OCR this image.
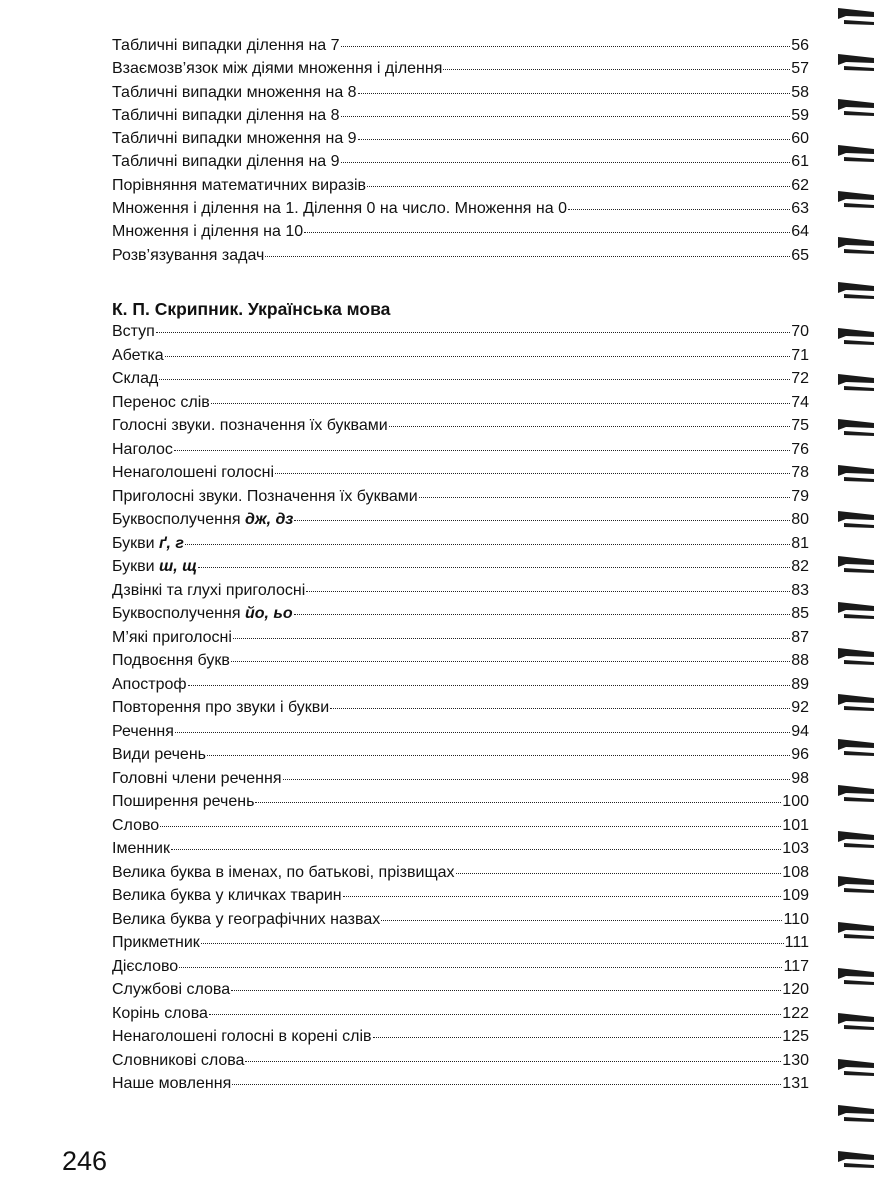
Табличні випадки ділення на 7	56
Взаємозв’язок між діями множення і ділення	57
Табличні випадки множення на 8	58
Табличні випадки ділення на 8	59
Табличні випадки множення на 9	60
Табличні випадки ділення на 9	61
Порівняння математичних виразів	62
Множення і ділення на 1. Ділення 0 на число. Множення на 0	63
Множення і ділення на 10	64
Розв’язування задач	65
К. П. Скрипник. Українська мова
Вступ	70
Абетка	71
Склад	72
Перенос слів	74
Голосні звуки. позначення їх буквами	75
Наголос	76
Ненаголошені голосні	78
Приголосні звуки. Позначення їх буквами	79
Буквосполучення дж, дз	80
Букви ґ, г	81
Букви ш, щ	82
Дзвінкі та глухі приголосні	83
Буквосполучення йо, ьо	85
М’які приголосні	87
Подвоєння букв	88
Апостроф	89
Повторення про звуки і букви	92
Речення	94
Види речень	96
Головні члени речення	98
Поширення речень	100
Слово	101
Іменник	103
Велика буква в іменах, по батькові, прізвищах	108
Велика буква у кличках тварин	109
Велика буква у географічних назвах	110
Прикметник	111
Дієслово	117
Службові слова	120
Корінь слова	122
Ненаголошені голосні в корені слів	125
Словникові слова	130
Наше мовлення	131
246
